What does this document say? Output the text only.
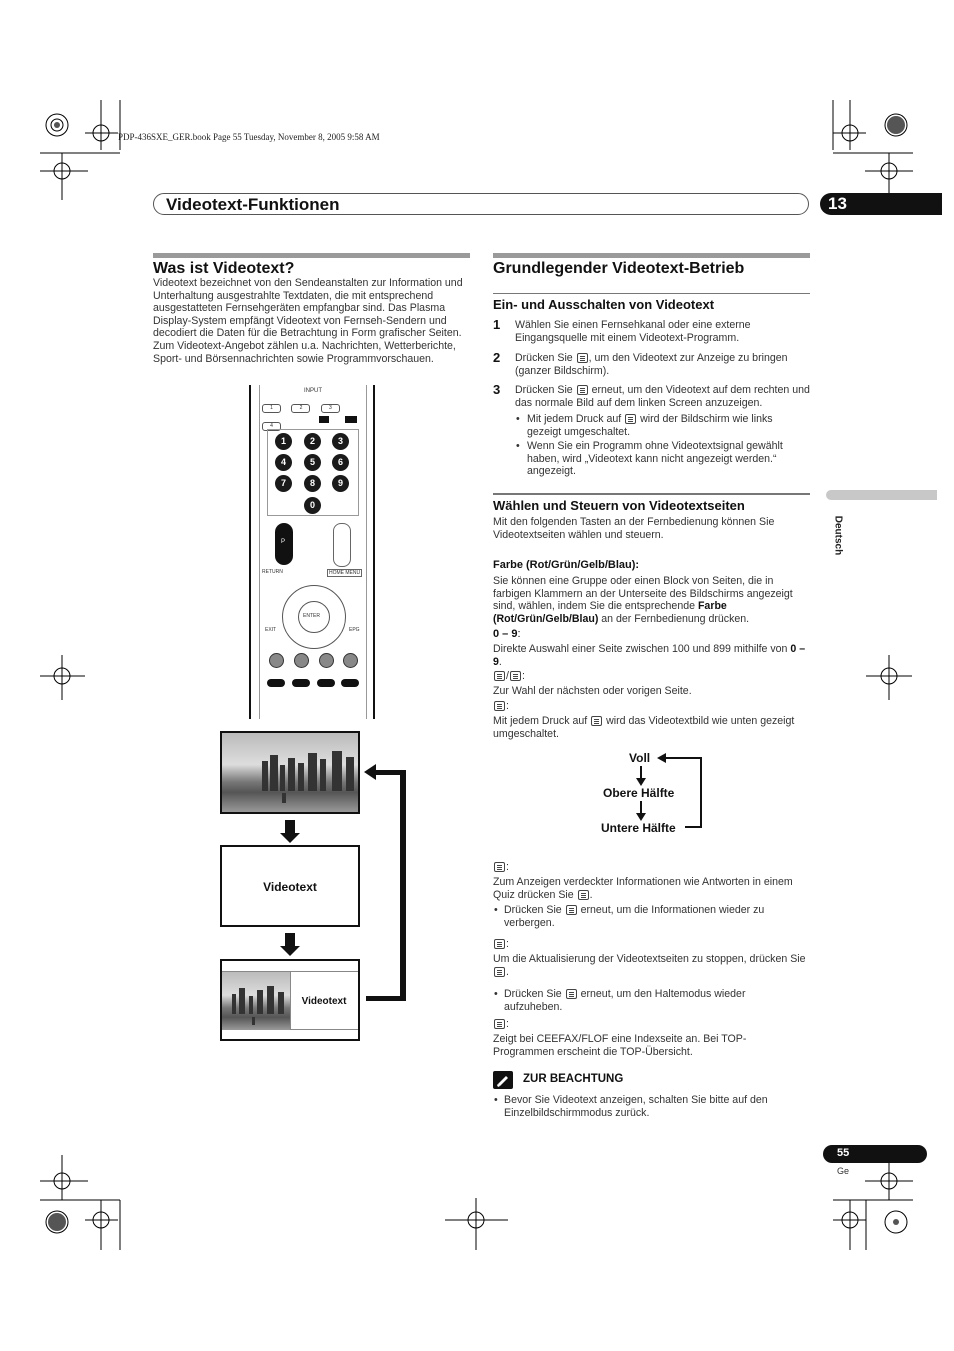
PDP-436SXE_GER.book Page 55 Tuesday, November 8, 2005 9:58 AM
Videotext-Funktionen	13
Deutsch
Was ist Videotext?
Videotext bezeichnet von den Sendeanstalten zur Information und Unterhaltung ausgestrahlte Textdaten, die mit entsprechend ausgestatteten Fernsehgeräten empfangbar sind. Das Plasma Display-System empfängt Videotext von Fernseh-Sendern und decodiert die Daten für die Betrachtung in Form grafischer Seiten. Zum Videotext-Angebot zählen u.a. Nachrichten, Wetterberichte, Sport- und Börsennachrichten sowie Programmvorschauen.
INPUT
1	2	3 4
1	2	3
4	5	6
7	8	9
0
P
RETURN	HOME MENU
ENTER
EXIT	EPG
Videotext
Videotext
Grundlegender Videotext-Betrieb
Ein- und Ausschalten von Videotext
1 Wählen Sie einen Fernsehkanal oder eine externe Eingangsquelle mit einem Videotext-Programm.
2 Drücken Sie , um den Videotext zur Anzeige zu bringen (ganzer Bildschirm).
3 Drücken Sie  erneut, um den Videotext auf dem rechten und das normale Bild auf dem linken Screen anzuzeigen.
• Mit jedem Druck auf  wird der Bildschirm wie links gezeigt umgeschaltet.
• Wenn Sie ein Programm ohne Videotextsignal gewählt haben, wird „Videotext kann nicht angezeigt werden.“ angezeigt.
Wählen und Steuern von Videotextseiten
Mit den folgenden Tasten an der Fernbedienung können Sie Videotextseiten wählen und steuern.
Farbe (Rot/Grün/Gelb/Blau):
Sie können eine Gruppe oder einen Block von Seiten, die in farbigen Klammern an der Unterseite des Bildschirms angezeigt sind, wählen, indem Sie die entsprechende Farbe (Rot/Grün/Gelb/Blau) an der Fernbedienung drücken.
0 – 9:
Direkte Auswahl einer Seite zwischen 100 und 899 mithilfe von 0 – 9.
/ :
Zur Wahl der nächsten oder vorigen Seite.
:
Mit jedem Druck auf  wird das Videotextbild wie unten gezeigt umgeschaltet.
Voll
Obere Hälfte
Untere Hälfte
:
Zum Anzeigen verdeckter Informationen wie Antworten in einem Quiz drücken Sie .
• Drücken Sie  erneut, um die Informationen wieder zu verbergen.
:
Um die Aktualisierung der Videotextseiten zu stoppen, drücken Sie .
• Drücken Sie  erneut, um den Haltemodus wieder aufzuheben.
:
Zeigt bei CEEFAX/FLOF eine Indexseite an. Bei TOP-Programmen erscheint die TOP-Übersicht.
ZUR BEACHTUNG
• Bevor Sie Videotext anzeigen, schalten Sie bitte auf den Einzelbildschirmmodus zurück.
55
Ge
